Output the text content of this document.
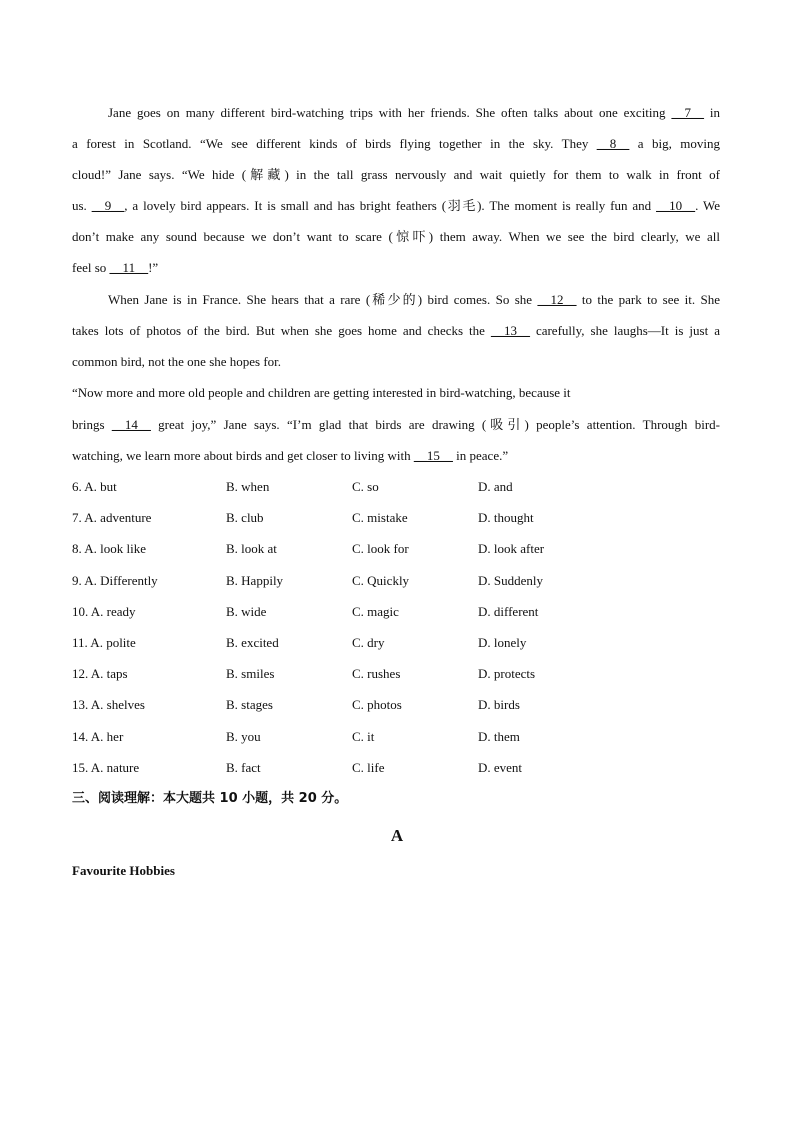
Jane goes on many different bird-watching trips with her friends. She often talks about one exciting __7__ in
a forest in Scotland. “We see different kinds of birds flying together in the sky. They __8__ a big, moving
cloud!” Jane says. “We hide (解藏) in the tall grass nervously and wait quietly for them to walk in front of
us. __9__, a lovely bird appears. It is small and has bright feathers (羽毛). The moment is really fun and __10__. We
don’t make any sound because we don’t want to scare (惊吓) them away. When we see the bird clearly, we all
feel so __11__!”
When Jane is in France. She hears that a rare (稀少的) bird comes. So she __12__ to the park to see it. She
takes lots of photos of the bird. But when she goes home and checks the __13__ carefully, she laughs—It is just a
common bird, not the one she hopes for.
“Now more and more old people and children are getting interested in bird-watching, because it
brings __14__ great joy,” Jane says. “I’m glad that birds are drawing (吸引) people’s attention. Through bird-
watching, we learn more about birds and get closer to living with __15__ in peace.”
6. A. but	B. when	C. so	D. and
7. A. adventure	B. club	C. mistake	D. thought
8. A. look like	B. look at	C. look for	D. look after
9. A. Differently	B. Happily	C. Quickly	D. Suddenly
10. A. ready	B. wide	C. magic	D. different
11. A. polite	B. excited	C. dry	D. lonely
12. A. taps	B. smiles	C. rushes	D. protects
13. A. shelves	B. stages	C. photos	D. birds
14. A. her	B. you	C. it	D. them
15. A. nature	B. fact	C. life	D. event
三、阅读理解：本大题共 10 小题，共 20 分。
A
Favourite Hobbies
